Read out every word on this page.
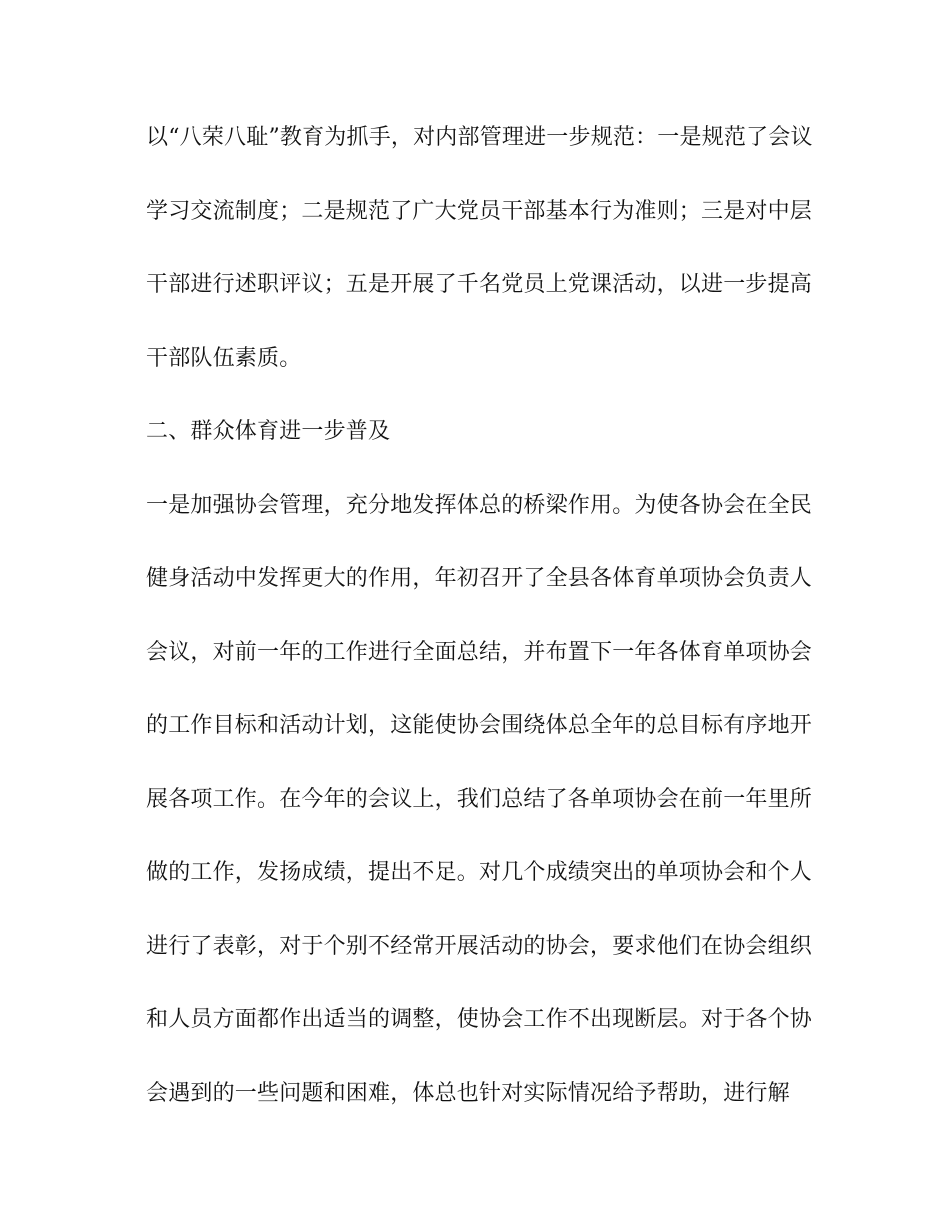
以“八荣八耻”教育为抓手，对内部管理进一步规范：一是规范了会议
学习交流制度；二是规范了广大党员干部基本行为准则；三是对中层
干部进行述职评议；五是开展了千名党员上党课活动，以进一步提高
干部队伍素质。
二、群众体育进一步普及
一是加强协会管理，充分地发挥体总的桥梁作用。为使各协会在全民
健身活动中发挥更大的作用，年初召开了全县各体育单项协会负责人
会议，对前一年的工作进行全面总结，并布置下一年各体育单项协会
的工作目标和活动计划，这能使协会围绕体总全年的总目标有序地开
展各项工作。在今年的会议上，我们总结了各单项协会在前一年里所
做的工作，发扬成绩，提出不足。对几个成绩突出的单项协会和个人
进行了表彰，对于个别不经常开展活动的协会，要求他们在协会组织
和人员方面都作出适当的调整，使协会工作不出现断层。对于各个协
会遇到的一些问题和困难，体总也针对实际情况给予帮助，进行解
